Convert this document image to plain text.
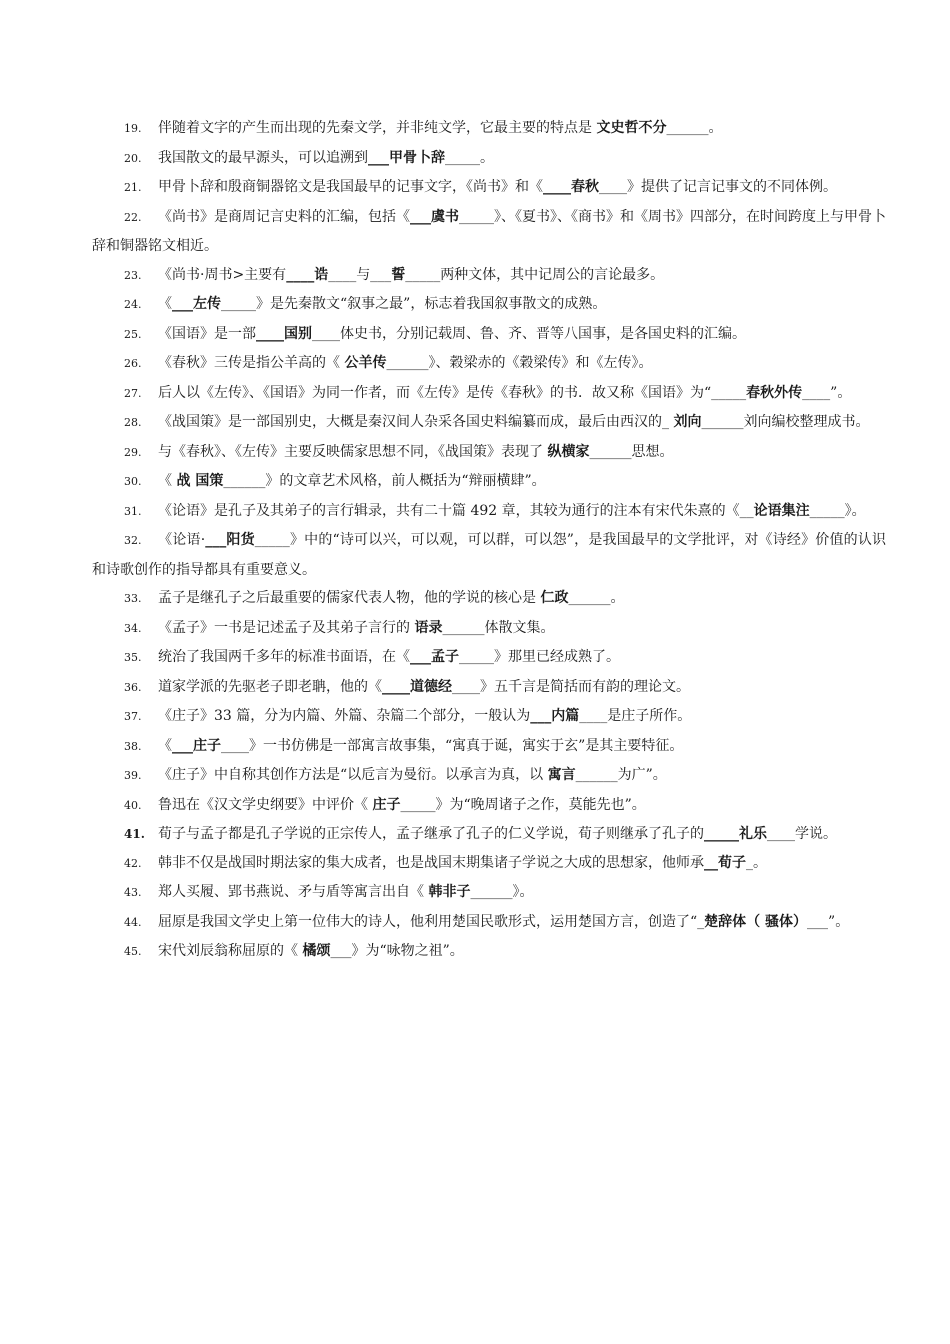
19. 伴随着文字的产生而出现的先秦文学，并非纯文学，它最主要的特点是 文史哲不分______。

20. 我国散文的最早源头，可以追溯到___甲骨卜辞_____。

21. 甲骨卜辞和殷商铜器铭文是我国最早的记事文字，《尚书》和《____春秋____》提供了记言记事文的不同体例。

22. 《尚书》是商周记言史料的汇编，包括《___虞书_____》、《夏书》、《商书》和《周书》四部分，在时间跨度上与甲骨卜辞和铜器铭文相近。

23. 《尚书·周书>主要有____诰____与___誓_____两种文体，其中记周公的言论最多。

24. 《___左传_____》是先秦散文“叙事之最”，标志着我国叙事散文的成熟。

25. 《国语》是一部____国别____体史书，分别记载周、鲁、齐、晋等八国事，是各国史料的汇编。

26. 《春秋》三传是指公羊高的《 公羊传______》、穀梁赤的《穀梁传》和《左传》。

27. 后人以《左传》、《国语》为同一作者，而《左传》是传《春秋》的书．故又称《国语》为“_____春秋外传____”。

28. 《战国策》是一部国别史，大概是秦汉间人杂采各国史料编纂而成，最后由西汉的_ 刘向______刘向编校整理成书。

29. 与《春秋》、《左传》主要反映儒家思想不同，《战国策》表现了 纵横家______思想。

30. 《 战 国策______》的文章艺术风格，前人概括为“辩丽横肆”。

31. 《论语》是孔子及其弟子的言行辑录，共有二十篇 492 章，其较为通行的注本有宋代朱熹的《__论语集注_____》。

32. 《论语·___阳货_____》中的“诗可以兴，可以观，可以群，可以怨”，是我国最早的文学批评，对《诗经》价值的认识和诗歌创作的指导都具有重要意义。

33. 孟子是继孔子之后最重要的儒家代表人物，他的学说的核心是 仁政______。

34. 《孟子》一书是记述孟子及其弟子言行的 语录______体散文集。

35. 统治了我国两千多年的标准书面语，在《___孟子_____》那里已经成熟了。

36. 道家学派的先驱老子即老聃，他的《____道德经____》五千言是简括而有韵的理论文。

37. 《庄子》33 篇，分为内篇、外篇、杂篇二个部分，一般认为___内篇____是庄子所作。

38. 《___庄子____》一书仿佛是一部寓言故事集，“寓真于诞，寓实于玄”是其主要特征。

39. 《庄子》中自称其创作方法是“以卮言为曼衍。以承言为真，以 寓言______为广”。

40. 鲁迅在《汉文学史纲要》中评价《 庄子_____》为“晚周诸子之作，莫能先也”。

41. 荀子与孟子都是孔子学说的正宗传人，孟子继承了孔子的仁义学说，荀子则继承了孔子的_____礼乐____学说。

42. 韩非不仅是战国时期法家的集大成者，也是战国末期集诸子学说之大成的思想家，他师承__荀子_。

43. 郑人买履、郢书燕说、矛与盾等寓言出自《 韩非子______》。

44. 屈原是我国文学史上第一位伟大的诗人，他利用楚国民歌形式，运用楚国方言，创造了“_楚辞体（ 骚体）___”。

45. 宋代刘辰翁称屈原的《 橘颂___》为“咏物之祖”。
